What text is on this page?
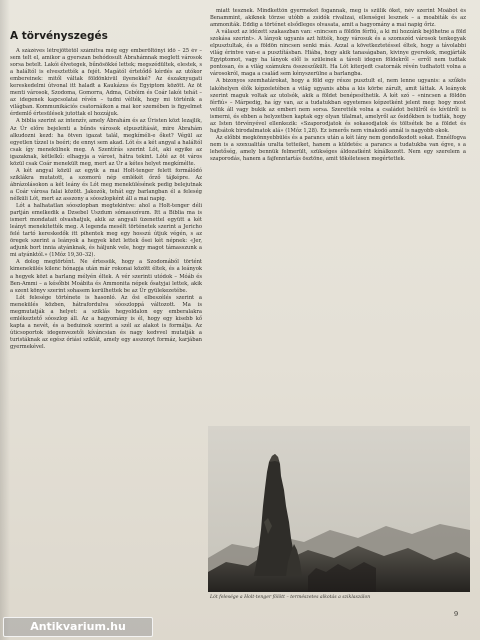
A törvényszegés

A százéves létrejöttétől számítva még egy emberöltőnyi idő – 25 év – sem telt el, amikor a gyerszan behódosult Ábrahámnak meglett városok sorsa betelt. Lakói élvetegek, bűnösökké lettek; megszédültek, elestek, s a haláltól is elvesztették a fejét. Magától értetődő kérdés az utókor embereinek: mitől váltak földönkivül ilyenekké? Az északnyugati kereskedelmi útvonal itt haladt a Kaukázus és Egyiptom között. Az öt menti városok, Szodoma, Gomorra, Adma, Cebóim és Coár lakói tehát – az idegenek kapcsolatai révén – tudni vélték, hogy mi történik a világban. Kommunikációs csatornáikon a mai kor szemében is figyelmet érdemlő értesülések jutottak el hozzájuk.

A biblia szerint az intenzív, amely Ábrahám és az Úristen közt lezajlik, Az Úr előre bejelenti a bűnös városok elpusztítását, mire Ábrahám alkudozni kezd: ha ötven igazat talál, megkíméli-e őket? Végül az egyetlen tízzel is beéri; de ennyi sem akad. Lót és a két angyal a haláltól csak így menekülnek meg. A Szentírás szerint Lót, aki egyike az igazaknak, kétlelkű: elhagyja a várost, hátra tekint. Lóté az öt város közül csak Coár menekült meg, mert az Úr a kétes helyet megkímélte.

A két angyal közül az egyik a mai Holt-tenger felett formálódó sziklákra mutatott, a szomorú nép emlékét őrző tájképre. Az ábrázolásokon a két leány és Lót meg menekülésének pedig belejutnak a Coár városa falai között. Jakozók, tehát egy barlangban él a feleség nélküli Lót, mert az asszony a sóoszlopként áll a mai napig.

Lót a halhatatlan sóoszlopban megtekintve: ahol a Holt-tenger déli partján emelkedik a Dzsebel Uszdum sómasszívum. Itt a Biblia ma is ismert mondatait olvashatjuk, akik az angyali üzenettel együtt a két leányt menekítették meg. A legenda mesélt történetek szerint a Jericho felé tartó kereskedők itt pihentek meg egy hosszú útjuk végén, s az öregek szerint a leányok a hegyek közt lettek ősei két népnek: «Jer, adjunk bort innia atyánknak, és háljunk vele, hogy magot támasszunk a mi atyánktól.» (1Móz 19,30–32).

A dolog megtörtént. Ne értessük, hogy a Szodomából történt kimenekülés kilenc hónapja után már rokonai között éltek, és a leányok a hegyek közt a barlang mélyén éltek. A vér szerinti utódok – Móáb és Ben-Ammi – a későbbi Moábita és Ammonita népek ősatyjai lettek, akik a szent könyv szerint sohasem kerülhettek be az Úr gyülekezetébe.

Lót felesége története is hasonló. Az ősi elbeszélés szerint a menekülés közben, hátrafordulva sóoszloppá változott. Ma is megmutatják a helyet: a sziklás hegyoldalon egy emberalakra emlékeztető sóoszlop áll. Az a hagyomány is él, hogy egy kisebb kő kapta a nevét, és a beduinok szerint a szél az alakot is formálja. Az úticsoportok idegenvezetői kíváncsian és nagy kedvvel mutatják a turistáknak az egész óriási sziklát, amely egy asszonyt formáz, karjában gyermekével.

miatt tesznek. Mindkettőn gyermeket fogannak, meg is szülik őket, név szerint Moábot és Benammint, akiknek törzse utóbb a zsidók rivalizai, ellenségei lesznek – a moabiták és az ammoniták. Eddig a történet elsődleges olvasata, amit a hagyomány a mai napig őriz.

A választ az idézett szakaszban van: «nincsen a földön férfiú, a ki mi hozzánk bejöhetne a föld szokása szerint». A lányok ugyanis azt hitték, hogy városuk és a szomszéd városok tenkegyak elpusztultak, és a földön nincsen senki más. Azzal a következtetéssel éltek, hogy a távolabbi világ érintve van-e a pusztításban. Hiába, hogy akik tanaságaban, kivinye gyerekek, megjárták Egyiptomot, vagy ha lányok elől is szüleinek a távoli idegen földekről – erről nem tudtak pontosan, és a világ számukra összeszűkült. Ha Lót kiterjedt csatornák révén tudhatott volna a városokról, maga a család sem kényszerülne a barlangba.

A bizonyos szemhatárokat, hogy a föld egy része pusztult el, nem lenne ugyanis: a szűkös lakóhelyen élők képzeletében a világ ugyanis abba a kis körbe zárult, amit láttak. A leányok szerint maguk voltak az utolsók, akik a földet benépesíthetik. A két szó – «nincsen a földön férfiú» – Márpedig, ha így van, az a tudatukban egyetemes képzetként jelent meg: hogy most velük áll vagy bukik az emberi nem sorsa. Szerették volna a családot belülről és kívülről is ismerni, és ebben a helyzetben kaptak egy olyan tilalmat, amelyről az ősidőkben is tudták, hogy az Isten törvényével ellenkezik: «Szaporodjatok és sokasodjatok és töltsétek be a földet és hajtsátok birodalmatok alá» (1Móz 1,28). Ez ismerős nem vinakodó annál is nagyobb okok.

Az előbbi megkönnyebbülés és a parancs után a két lány nem gondolkodott sokat. Ennélfogva nem is a szexualitás uralta tetteiket, hanem a küldetés: a parancs a tudatukba van égve, s a lehetőség, amely bennük felmerült, szükséges áldozatként kínálkozott. Nem egy szerelem a szaporodás, hanem a fajfenntartás ösztöne, amit tökéletesen megértettek.

Lót felesége a Holt-tenger fölött – természetes alkotás a sziklaszálon
9
Antikvarium.hu
